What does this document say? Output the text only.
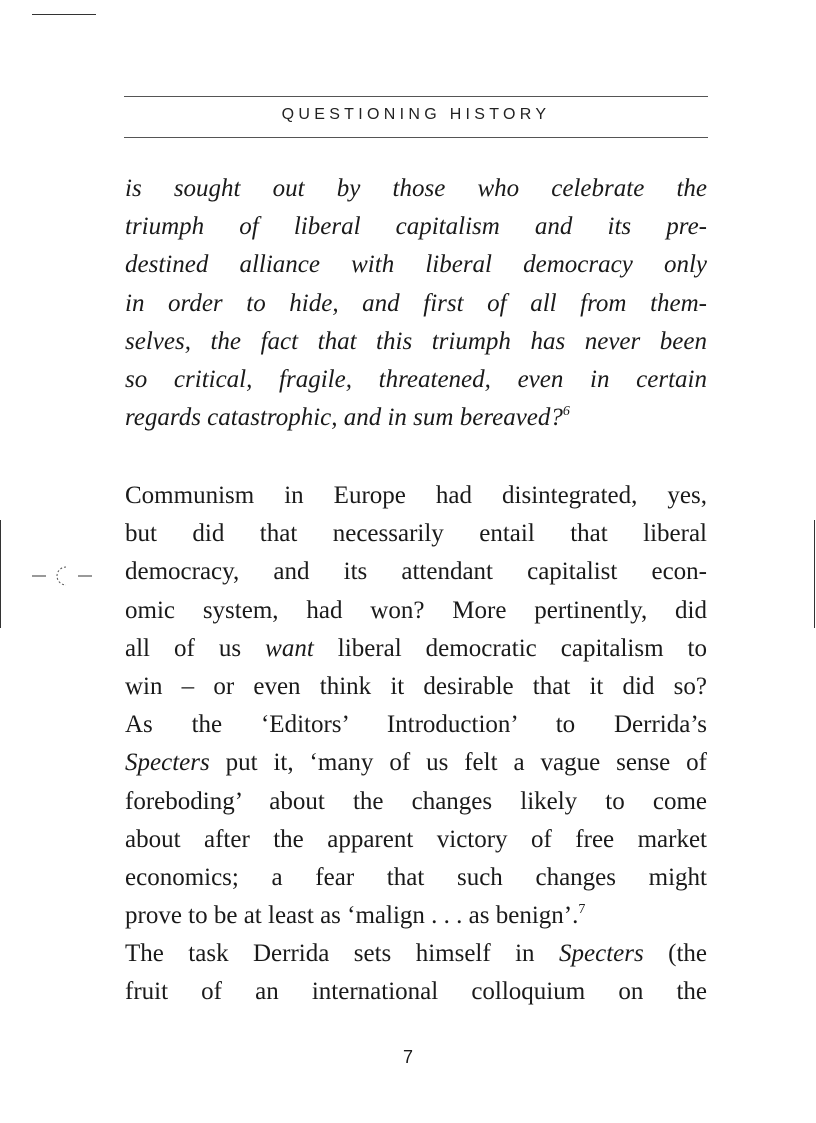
QUESTIONING HISTORY
is sought out by those who celebrate the
triumph of liberal capitalism and its pre-
destined alliance with liberal democracy only
in order to hide, and first of all from them-
selves, the fact that this triumph has never been
so critical, fragile, threatened, even in certain
regards catastrophic, and in sum bereaved?$^6$
Communism in Europe had disintegrated, yes,
but did that necessarily entail that liberal
democracy, and its attendant capitalist econ-
omic system, had won? More pertinently, did
all of us want liberal democratic capitalism to
win – or even think it desirable that it did so?
As the ‘Editors’ Introduction’ to Derrida’s
Specters put it, ‘many of us felt a vague sense of
foreboding’ about the changes likely to come
about after the apparent victory of free market
economics; a fear that such changes might
prove to be at least as ‘malign . . . as benign’.$^7$
The task Derrida sets himself in Specters (the
fruit of an international colloquium on the
7
